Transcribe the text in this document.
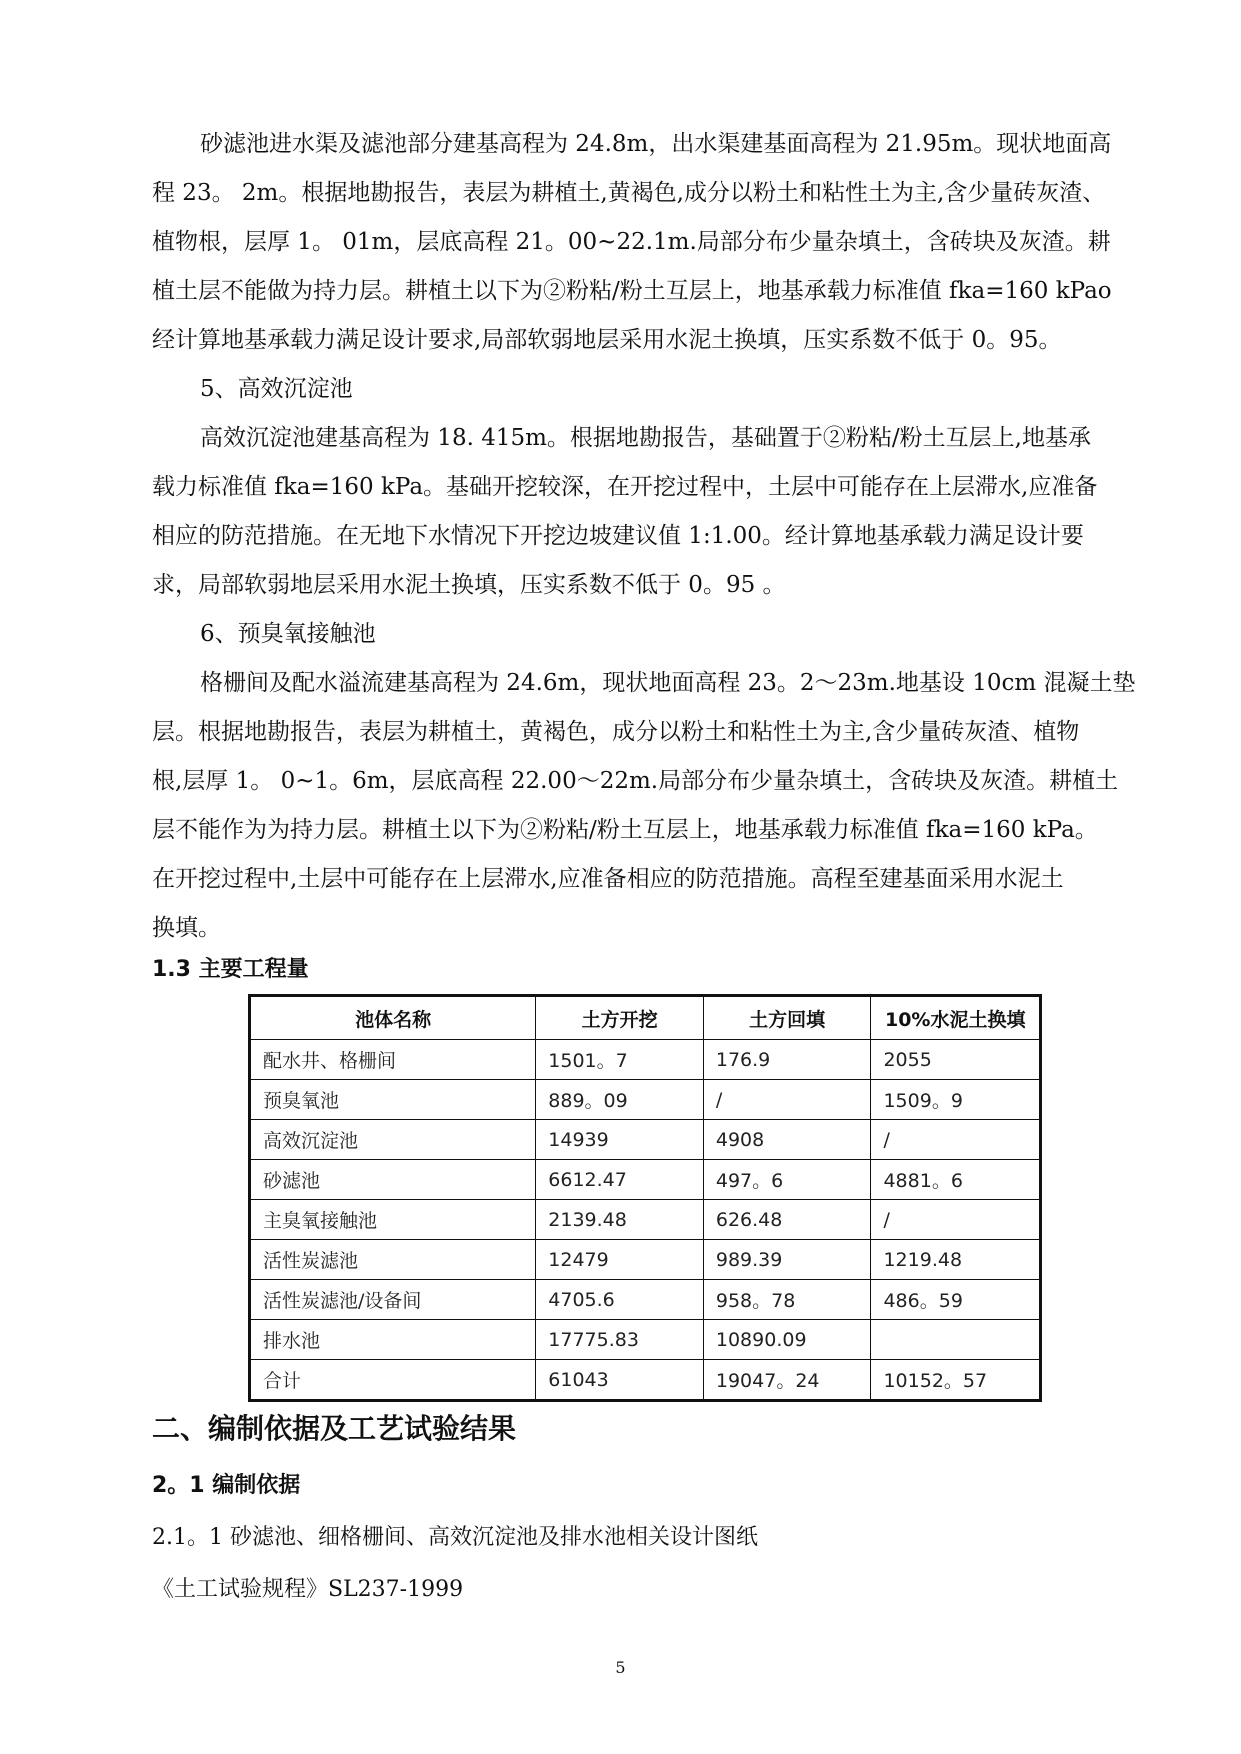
砂滤池进水渠及滤池部分建基高程为 24.8m，出水渠建基面高程为 21.95m。现状地面高
程 23。 2m。根据地勘报告，表层为耕植土,黄褐色,成分以粉土和粘性土为主,含少量砖灰渣、
植物根，层厚 1。 01m，层底高程 21。00~22.1m.局部分布少量杂填土，含砖块及灰渣。耕
植土层不能做为持力层。耕植土以下为②粉粘/粉土互层上，地基承载力标准值 fka=160 kPao
经计算地基承载力满足设计要求,局部软弱地层采用水泥土换填，压实系数不低于 0。95。

5、高效沉淀池

高效沉淀池建基高程为 18. 415m。根据地勘报告，基础置于②粉粘/粉土互层上,地基承
载力标准值 fka=160 kPa。基础开挖较深，在开挖过程中，土层中可能存在上层滞水,应准备
相应的防范措施。在无地下水情况下开挖边坡建议值 1:1.00。经计算地基承载力满足设计要
求，局部软弱地层采用水泥土换填，压实系数不低于 0。95 。

6、预臭氧接触池

格栅间及配水溢流建基高程为 24.6m，现状地面高程 23。2～23m.地基设 10cm 混凝土垫
层。根据地勘报告，表层为耕植土，黄褐色，成分以粉土和粘性土为主,含少量砖灰渣、植物
根,层厚 1。 0~1。6m，层底高程 22.00～22m.局部分布少量杂填土，含砖块及灰渣。耕植土
层不能作为为持力层。耕植土以下为②粉粘/粉土互层上，地基承载力标准值 fka=160 kPa。
在开挖过程中,土层中可能存在上层滞水,应准备相应的防范措施。高程至建基面采用水泥土
换填。

1.3 主要工程量

池体名称	土方开挖	土方回填	10%水泥土换填
配水井、格栅间	1501。7	176.9	2055
预臭氧池	889。09	/	1509。9
高效沉淀池	14939	4908	/
砂滤池	6612.47	497。6	4881。6
主臭氧接触池	2139.48	626.48	/
活性炭滤池	12479	989.39	1219.48
活性炭滤池/设备间	4705.6	958。78	486。59
排水池	17775.83	10890.09	
合计	61043	19047。24	10152。57

二、编制依据及工艺试验结果

2。1 编制依据

2.1。1 砂滤池、细格栅间、高效沉淀池及排水池相关设计图纸

《土工试验规程》SL237-1999

5
